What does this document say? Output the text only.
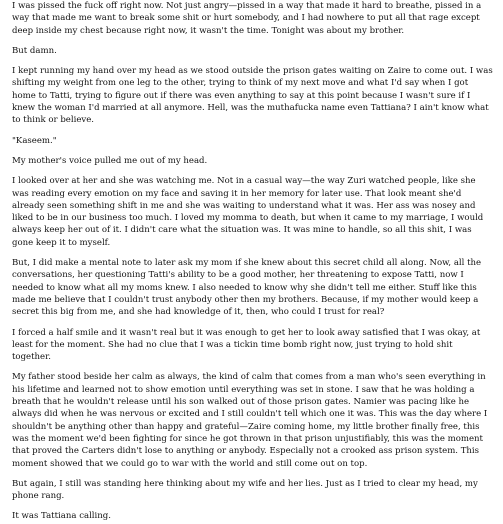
I was pissed the fuck off right now. Not just angry—pissed in a way that made it hard to breathe, pissed in a way that made me want to break some shit or hurt somebody, and I had nowhere to put all that rage except deep inside my chest because right now, it wasn't the time. Tonight was about my brother.

But damn.

I kept running my hand over my head as we stood outside the prison gates waiting on Zaire to come out. I was shifting my weight from one leg to the other, trying to think of my next move and what I'd say when I got home to Tatti, trying to figure out if there was even anything to say at this point because I wasn't sure if I knew the woman I'd married at all anymore. Hell, was the muthafucka name even Tattiana? I ain't know what to think or believe.

"Kaseem."

My mother's voice pulled me out of my head.

I looked over at her and she was watching me. Not in a casual way—the way Zuri watched people, like she was reading every emotion on my face and saving it in her memory for later use. That look meant she'd already seen something shift in me and she was waiting to understand what it was. Her ass was nosey and liked to be in our business too much. I loved my momma to death, but when it came to my marriage, I would always keep her out of it. I didn't care what the situation was. It was mine to handle, so all this shit, I was gone keep it to myself.

But, I did make a mental note to later ask my mom if she knew about this secret child all along. Now, all the conversations, her questioning Tatti's ability to be a good mother, her threatening to expose Tatti, now I needed to know what all my moms knew. I also needed to know why she didn't tell me either. Stuff like this made me believe that I couldn't trust anybody other then my brothers. Because, if my mother would keep a secret this big from me, and she had knowledge of it, then, who could I trust for real?

I forced a half smile and it wasn't real but it was enough to get her to look away satisfied that I was okay, at least for the moment. She had no clue that I was a tickin time bomb right now, just trying to hold shit together.

My father stood beside her calm as always, the kind of calm that comes from a man who's seen everything in his lifetime and learned not to show emotion until everything was set in stone. I saw that he was holding a breath that he wouldn't release until his son walked out of those prison gates. Namier was pacing like he always did when he was nervous or excited and I still couldn't tell which one it was. This was the day where I shouldn't be anything other than happy and grateful—Zaire coming home, my little brother finally free, this was the moment we'd been fighting for since he got thrown in that prison unjustifiably, this was the moment that proved the Carters didn't lose to anything or anybody. Especially not a crooked ass prison system. This moment showed that we could go to war with the world and still come out on top.

But again, I still was standing here thinking about my wife and her lies. Just as I tried to clear my head, my phone rang.

It was Tattiana calling.
